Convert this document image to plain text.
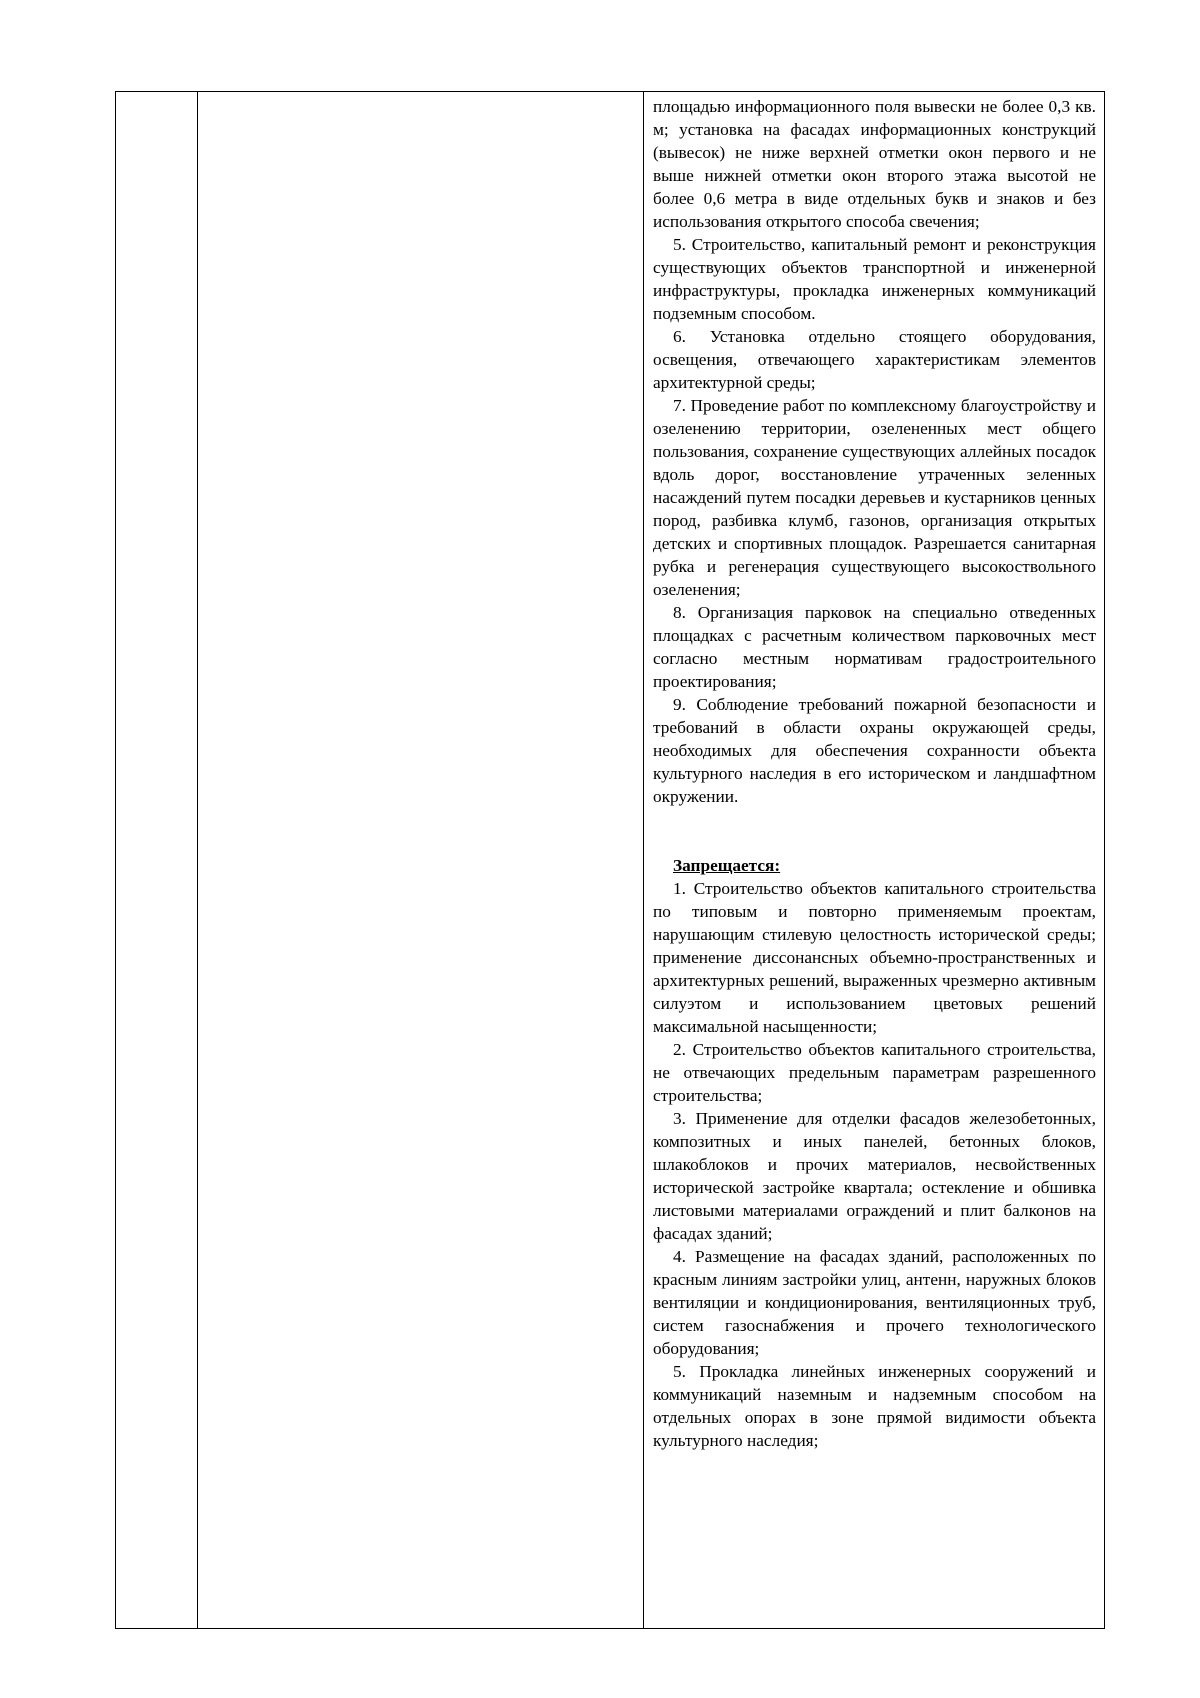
площадью информационного поля вывески не более 0,3 кв. м; установка на фасадах информационных конструкций (вывесок) не ниже верхней отметки окон первого и не выше нижней отметки окон второго этажа высотой не более 0,6 метра в виде отдельных букв и знаков и без использования открытого способа свечения;

5. Строительство, капитальный ремонт и реконструкция существующих объектов транспортной и инженерной инфраструктуры, прокладка инженерных коммуникаций подземным способом.

6. Установка отдельно стоящего оборудования, освещения, отвечающего характеристикам элементов архитектурной среды;

7. Проведение работ по комплексному благоустройству и озеленению территории, озелененных мест общего пользования, сохранение существующих аллейных посадок вдоль дорог, восстановление утраченных зеленных насаждений путем посадки деревьев и кустарников ценных пород, разбивка клумб, газонов, организация открытых детских и спортивных площадок. Разрешается санитарная рубка и регенерация существующего высокоствольного озеленения;

8. Организация парковок на специально отведенных площадках с расчетным количеством парковочных мест согласно местным нормативам градостроительного проектирования;

9. Соблюдение требований пожарной безопасности и требований в области охраны окружающей среды, необходимых для обеспечения сохранности объекта культурного наследия в его историческом и ландшафтном окружении.

Запрещается:

1. Строительство объектов капитального строительства по типовым и повторно применяемым проектам, нарушающим стилевую целостность исторической среды; применение диссонансных объемно-пространственных и архитектурных решений, выраженных чрезмерно активным силуэтом и использованием цветовых решений максимальной насыщенности;

2. Строительство объектов капитального строительства, не отвечающих предельным параметрам разрешенного строительства;

3. Применение для отделки фасадов железобетонных, композитных и иных панелей, бетонных блоков, шлакоблоков и прочих материалов, несвойственных исторической застройке квартала; остекление и обшивка листовыми материалами ограждений и плит балконов на фасадах зданий;

4. Размещение на фасадах зданий, расположенных по красным линиям застройки улиц, антенн, наружных блоков вентиляции и кондиционирования, вентиляционных труб, систем газоснабжения и прочего технологического оборудования;

5. Прокладка линейных инженерных сооружений и коммуникаций наземным и надземным способом на отдельных опорах в зоне прямой видимости объекта культурного наследия;
